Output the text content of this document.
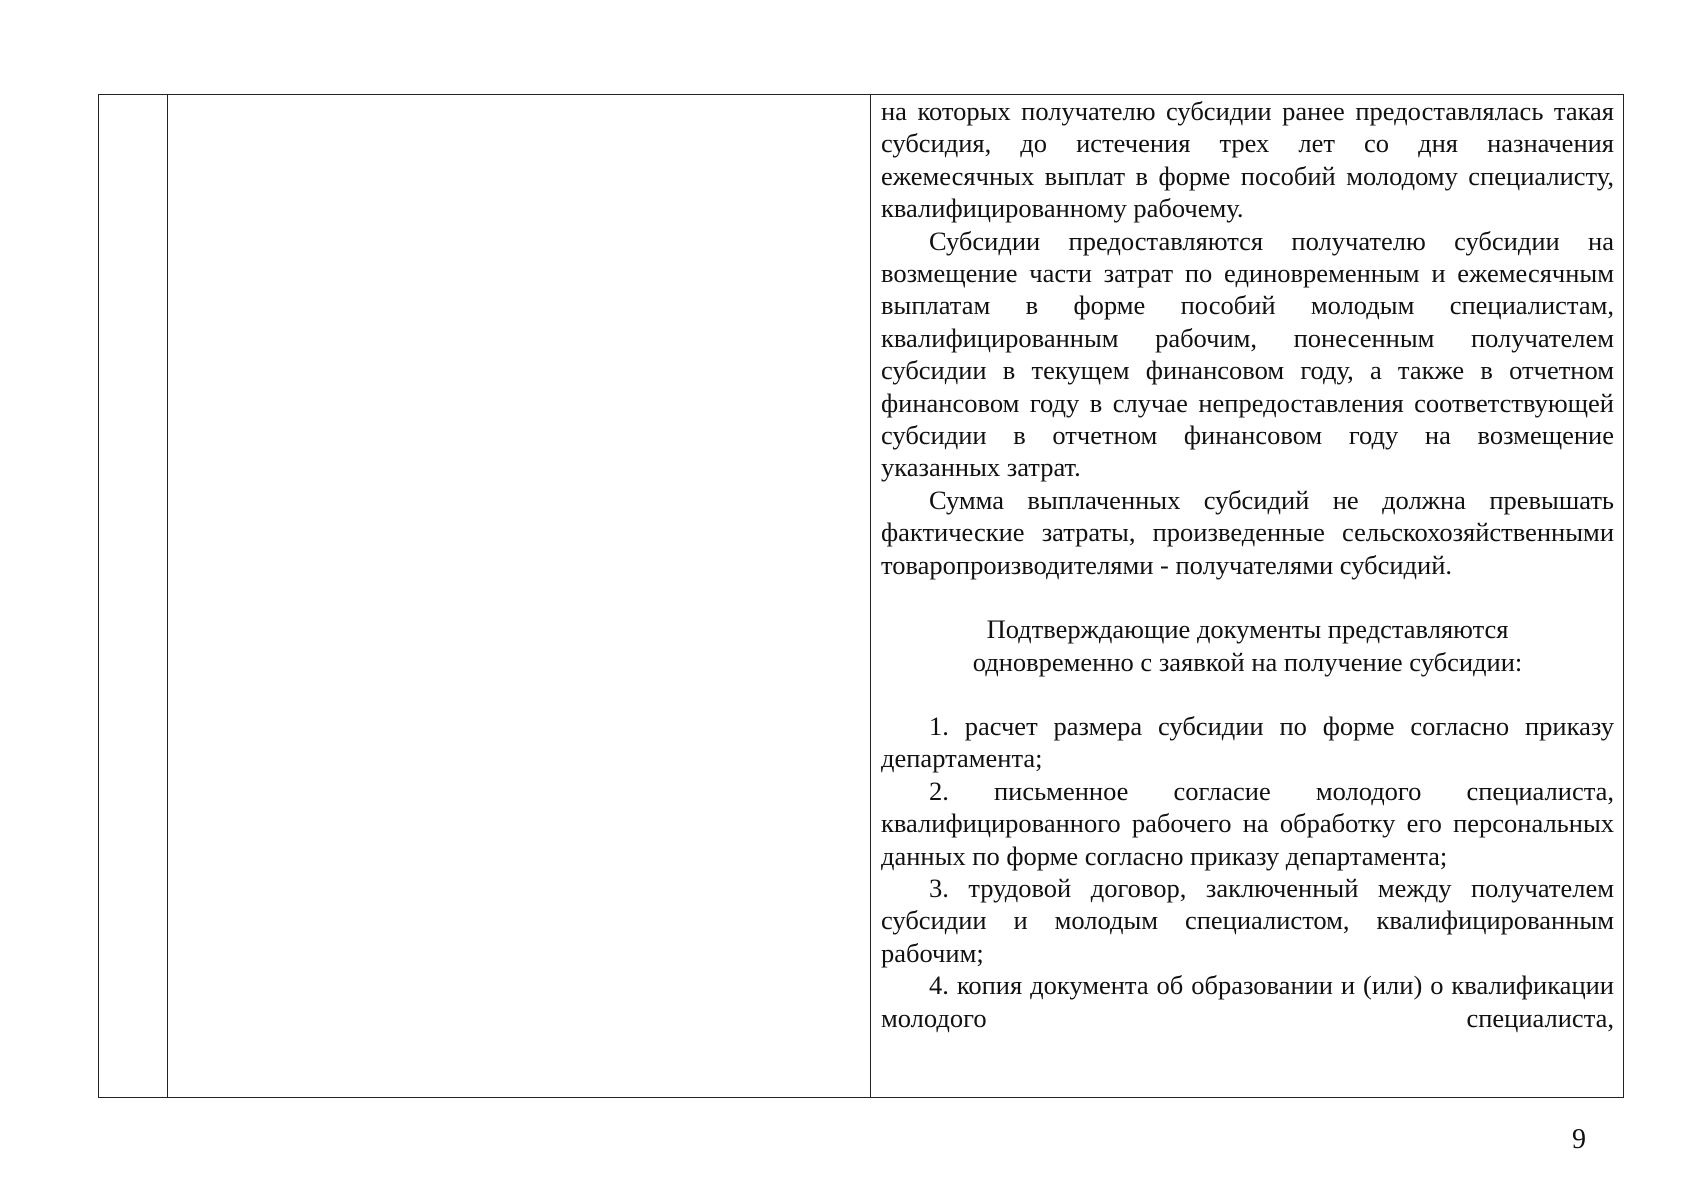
на которых получателю субсидии ранее предоставлялась такая субсидия, до истечения трех лет со дня назначения ежемесячных выплат в форме пособий молодому специалисту, квалифицированному рабочему.

Субсидии предоставляются получателю субсидии на возмещение части затрат по единовременным и ежемесячным выплатам в форме пособий молодым специалистам, квалифицированным рабочим, понесенным получателем субсидии в текущем финансовом году, а также в отчетном финансовом году в случае непредоставления соответствующей субсидии в отчетном финансовом году на возмещение указанных затрат.

Сумма выплаченных субсидий не должна превышать фактические затраты, произведенные сельскохозяйственными товаропроизводителями - получателями субсидий.

Подтверждающие документы представляются

одновременно с заявкой на получение субсидии:

1. расчет размера субсидии по форме согласно приказу департамента;

2. письменное согласие молодого специалиста, квалифицированного рабочего на обработку его персональных данных по форме согласно приказу департамента;

3. трудовой договор, заключенный между получателем субсидии и молодым специалистом, квалифицированным рабочим;

4. копия документа об образовании и (или) о квалификации молодого специалиста,

9
